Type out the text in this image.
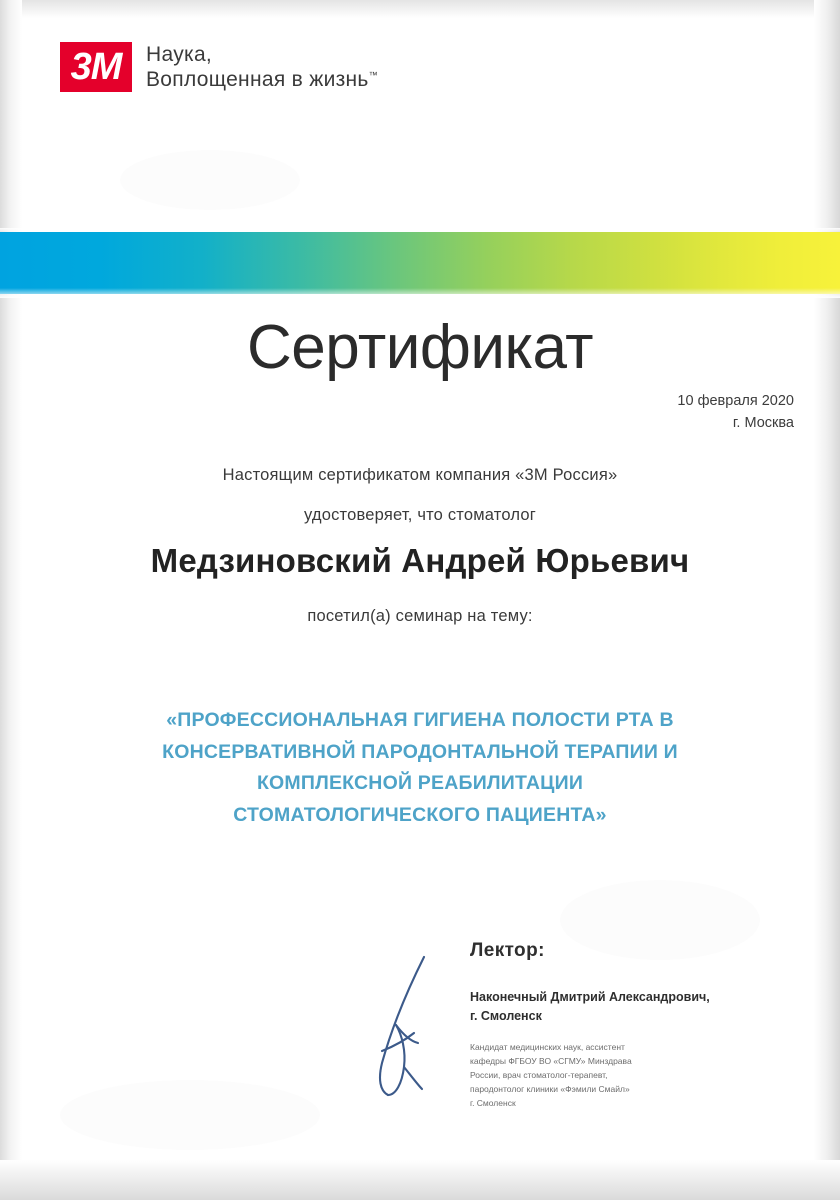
3M	Наука,
Воплощенная в жизнь™
Сертификат
10 февраля 2020
г. Москва
Настоящим сертификатом компания «3М Россия»
удостоверяет, что стоматолог
Медзиновский Андрей Юрьевич
посетил(а) семинар на тему:
«ПРОФЕССИОНАЛЬНАЯ ГИГИЕНА ПОЛОСТИ РТА В
КОНСЕРВАТИВНОЙ ПАРОДОНТАЛЬНОЙ ТЕРАПИИ И
КОМПЛЕКСНОЙ РЕАБИЛИТАЦИИ
СТОМАТОЛОГИЧЕСКОГО ПАЦИЕНТА»
Лектор:
Наконечный Дмитрий Александрович,
г. Смоленск
Кандидат медицинских наук, ассистент
кафедры ФГБОУ ВО «СГМУ» Минздрава
России, врач стоматолог-терапевт,
пародонтолог клиники «Фэмили Смайл»
г. Смоленск
